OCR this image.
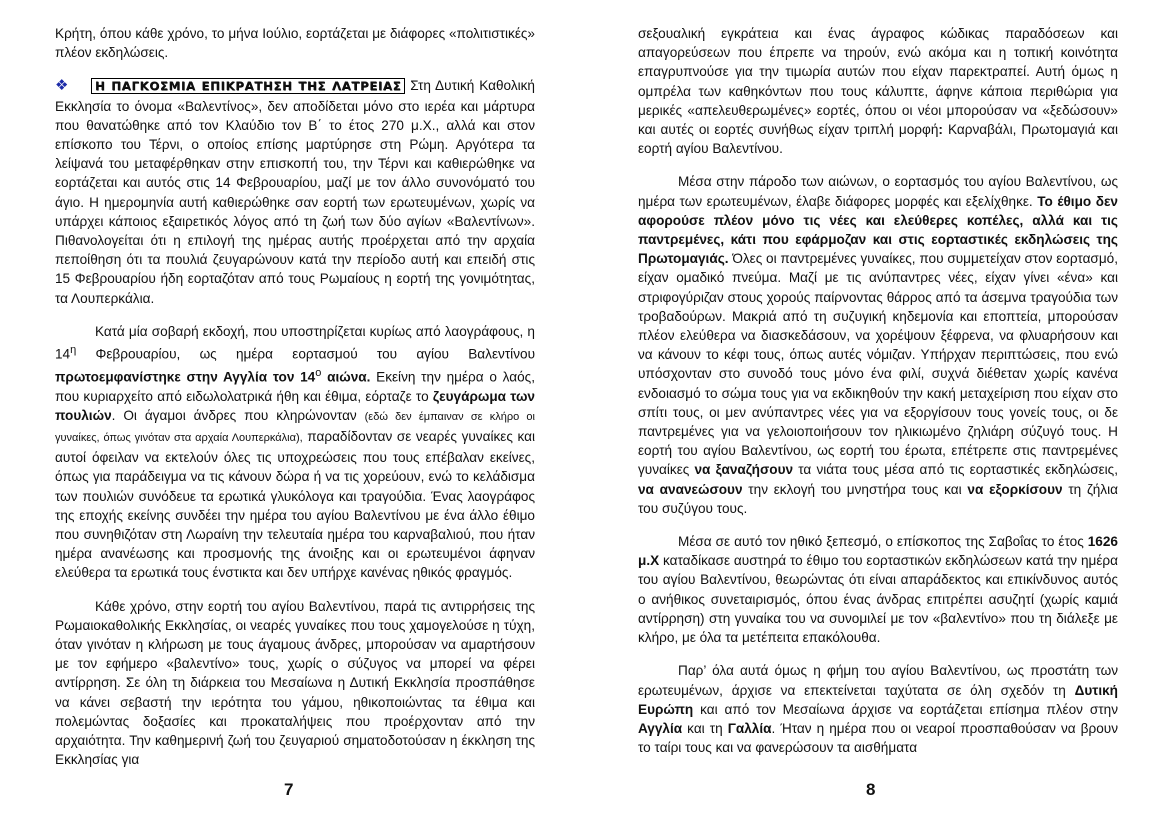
Κρήτη, όπου κάθε χρόνο, το μήνα Ιούλιο, εορτάζεται με διάφορες «πολιτιστικές» πλέον εκδηλώσεις.

❖ Η ΠΑΓΚΟΣΜΙΑ ΕΠΙΚΡΑΤΗΣΗ ΤΗΣ ΛΑΤΡΕΙΑΣ Στη Δυτική Καθολική Εκκλησία το όνομα «Βαλεντίνος», δεν αποδίδεται μόνο στο ιερέα και μάρτυρα που θανατώθηκε από τον Κλαύδιο τον Β΄ το έτος 270 μ.Χ., αλλά και στον επίσκοπο του Τέρνι, ο οποίος επίσης μαρτύρησε στη Ρώμη. Αργότερα τα λείψανά του μεταφέρθηκαν στην επισκοπή του, την Τέρνι και καθιερώθηκε να εορτάζεται και αυτός στις 14 Φεβρουαρίου, μαζί με τον άλλο συνονόματό του άγιο. Η ημερομηνία αυτή καθιερώθηκε σαν εορτή των ερωτευμένων, χωρίς να υπάρχει κάποιος εξαιρετικός λόγος από τη ζωή των δύο αγίων «Βαλεντίνων». Πιθανολογείται ότι η επιλογή της ημέρας αυτής προέρχεται από την αρχαία πεποίθηση ότι τα πουλιά ζευγαρώνουν κατά την περίοδο αυτή και επειδή στις 15 Φεβρουαρίου ήδη εορταζόταν από τους Ρωμαίους η εορτή της γονιμότητας, τα Λουπερκάλια.

Κατά μία σοβαρή εκδοχή, που υποστηρίζεται κυρίως από λαογράφους, η $14^\eta$ Φεβρουαρίου, ως ημέρα εορτασμού του αγίου Βαλεντίνου πρωτοεμφανίστηκε στην Αγγλία τον $14^o$ αιώνα. Εκείνη την ημέρα ο λαός, που κυριαρχείτο από ειδωλολατρικά ήθη και έθιμα, εόρταζε το ζευγάρωμα των πουλιών. Οι άγαμοι άνδρες που κληρώνονταν (εδώ δεν έμπαιναν σε κλήρο οι γυναίκες, όπως γινόταν στα αρχαία Λουπερκάλια), παραδίδονταν σε νεαρές γυναίκες και αυτοί όφειλαν να εκτελούν όλες τις υποχρεώσεις που τους επέβαλαν εκείνες, όπως για παράδειγμα να τις κάνουν δώρα ή να τις χορεύουν, ενώ το κελάδισμα των πουλιών συνόδευε τα ερωτικά γλυκόλογα και τραγούδια. Ένας λαογράφος της εποχής εκείνης συνδέει την ημέρα του αγίου Βαλεντίνου με ένα άλλο έθιμο που συνηθιζόταν στη Λωραίνη την τελευταία ημέρα του καρναβαλιού, που ήταν ημέρα ανανέωσης και προσμονής της άνοιξης και οι ερωτευμένοι άφηναν ελεύθερα τα ερωτικά τους ένστικτα και δεν υπήρχε κανένας ηθικός φραγμός.

Κάθε χρόνο, στην εορτή του αγίου Βαλεντίνου, παρά τις αντιρρήσεις της Ρωμαιοκαθολικής Εκκλησίας, οι νεαρές γυναίκες που τους χαμογελούσε η τύχη, όταν γινόταν η κλήρωση με τους άγαμους άνδρες, μπορούσαν να αμαρτήσουν με τον εφήμερο «βαλεντίνο» τους, χωρίς ο σύζυγος να μπορεί να φέρει αντίρρηση. Σε όλη τη διάρκεια του Μεσαίωνα η Δυτική Εκκλησία προσπάθησε να κάνει σεβαστή την ιερότητα του γάμου, ηθικοποιώντας τα έθιμα και πολεμώντας δοξασίες και προκαταλήψεις που προέρχονταν από την αρχαιότητα. Την καθημερινή ζωή του ζευγαριού σηματοδοτούσαν η έκκληση της Εκκλησίας για

σεξουαλική εγκράτεια και ένας άγραφος κώδικας παραδόσεων και απαγορεύσεων που έπρεπε να τηρούν, ενώ ακόμα και η τοπική κοινότητα επαγρυπνούσε για την τιμωρία αυτών που είχαν παρεκτραπεί. Αυτή όμως η ομπρέλα των καθηκόντων που τους κάλυπτε, άφηνε κάποια περιθώρια για μερικές «απελευθερωμένες» εορτές, όπου οι νέοι μπορούσαν να «ξεδώσουν» και αυτές οι εορτές συνήθως είχαν τριπλή μορφή: Καρναβάλι, Πρωτομαγιά και εορτή αγίου Βαλεντίνου.

Μέσα στην πάροδο των αιώνων, ο εορτασμός του αγίου Βαλεντίνου, ως ημέρα των ερωτευμένων, έλαβε διάφορες μορφές και εξελίχθηκε. Το έθιμο δεν αφορούσε πλέον μόνο τις νέες και ελεύθερες κοπέλες, αλλά και τις παντρεμένες, κάτι που εφάρμοζαν και στις εορταστικές εκδηλώσεις της Πρωτομαγιάς. Όλες οι παντρεμένες γυναίκες, που συμμετείχαν στον εορτασμό, είχαν ομαδικό πνεύμα. Μαζί με τις ανύπαντρες νέες, είχαν γίνει «ένα» και στριφογύριζαν στους χορούς παίρνοντας θάρρος από τα άσεμνα τραγούδια των τροβαδούρων. Μακριά από τη συζυγική κηδεμονία και εποπτεία, μπορούσαν πλέον ελεύθερα να διασκεδάσουν, να χορέψουν ξέφρενα, να φλυαρήσουν και να κάνουν το κέφι τους, όπως αυτές νόμιζαν. Υπήρχαν περιπτώσεις, που ενώ υπόσχονταν στο συνοδό τους μόνο ένα φιλί, συχνά διέθεταν χωρίς κανένα ενδοιασμό το σώμα τους για να εκδικηθούν την κακή μεταχείριση που είχαν στο σπίτι τους, οι μεν ανύπαντρες νέες για να εξοργίσουν τους γονείς τους, οι δε παντρεμένες για να γελοιοποιήσουν τον ηλικιωμένο ζηλιάρη σύζυγό τους. Η εορτή του αγίου Βαλεντίνου, ως εορτή του έρωτα, επέτρεπε στις παντρεμένες γυναίκες να ξαναζήσουν τα νιάτα τους μέσα από τις εορταστικές εκδηλώσεις, να ανανεώσουν την εκλογή του μνηστήρα τους και να εξορκίσουν τη ζήλια του συζύγου τους.

Μέσα σε αυτό τον ηθικό ξεπεσμό, ο επίσκοπος της Σαβοΐας το έτος 1626 μ.Χ καταδίκασε αυστηρά το έθιμο του εορταστικών εκδηλώσεων κατά την ημέρα του αγίου Βαλεντίνου, θεωρώντας ότι είναι απαράδεκτος και επικίνδυνος αυτός ο ανήθικος συνεταιρισμός, όπου ένας άνδρας επιτρέπει ασυζητί (χωρίς καμιά αντίρρηση) στη γυναίκα του να συνομιλεί με τον «βαλεντίνο» που τη διάλεξε με κλήρο, με όλα τα μετέπειτα επακόλουθα.

Παρ’ όλα αυτά όμως η φήμη του αγίου Βαλεντίνου, ως προστάτη των ερωτευμένων, άρχισε να επεκτείνεται ταχύτατα σε όλη σχεδόν τη Δυτική Ευρώπη και από τον Μεσαίωνα άρχισε να εορτάζεται επίσημα πλέον στην Αγγλία και τη Γαλλία. Ήταν η ημέρα που οι νεαροί προσπαθούσαν να βρουν το ταίρι τους και να φανερώσουν τα αισθήματα

7	8
